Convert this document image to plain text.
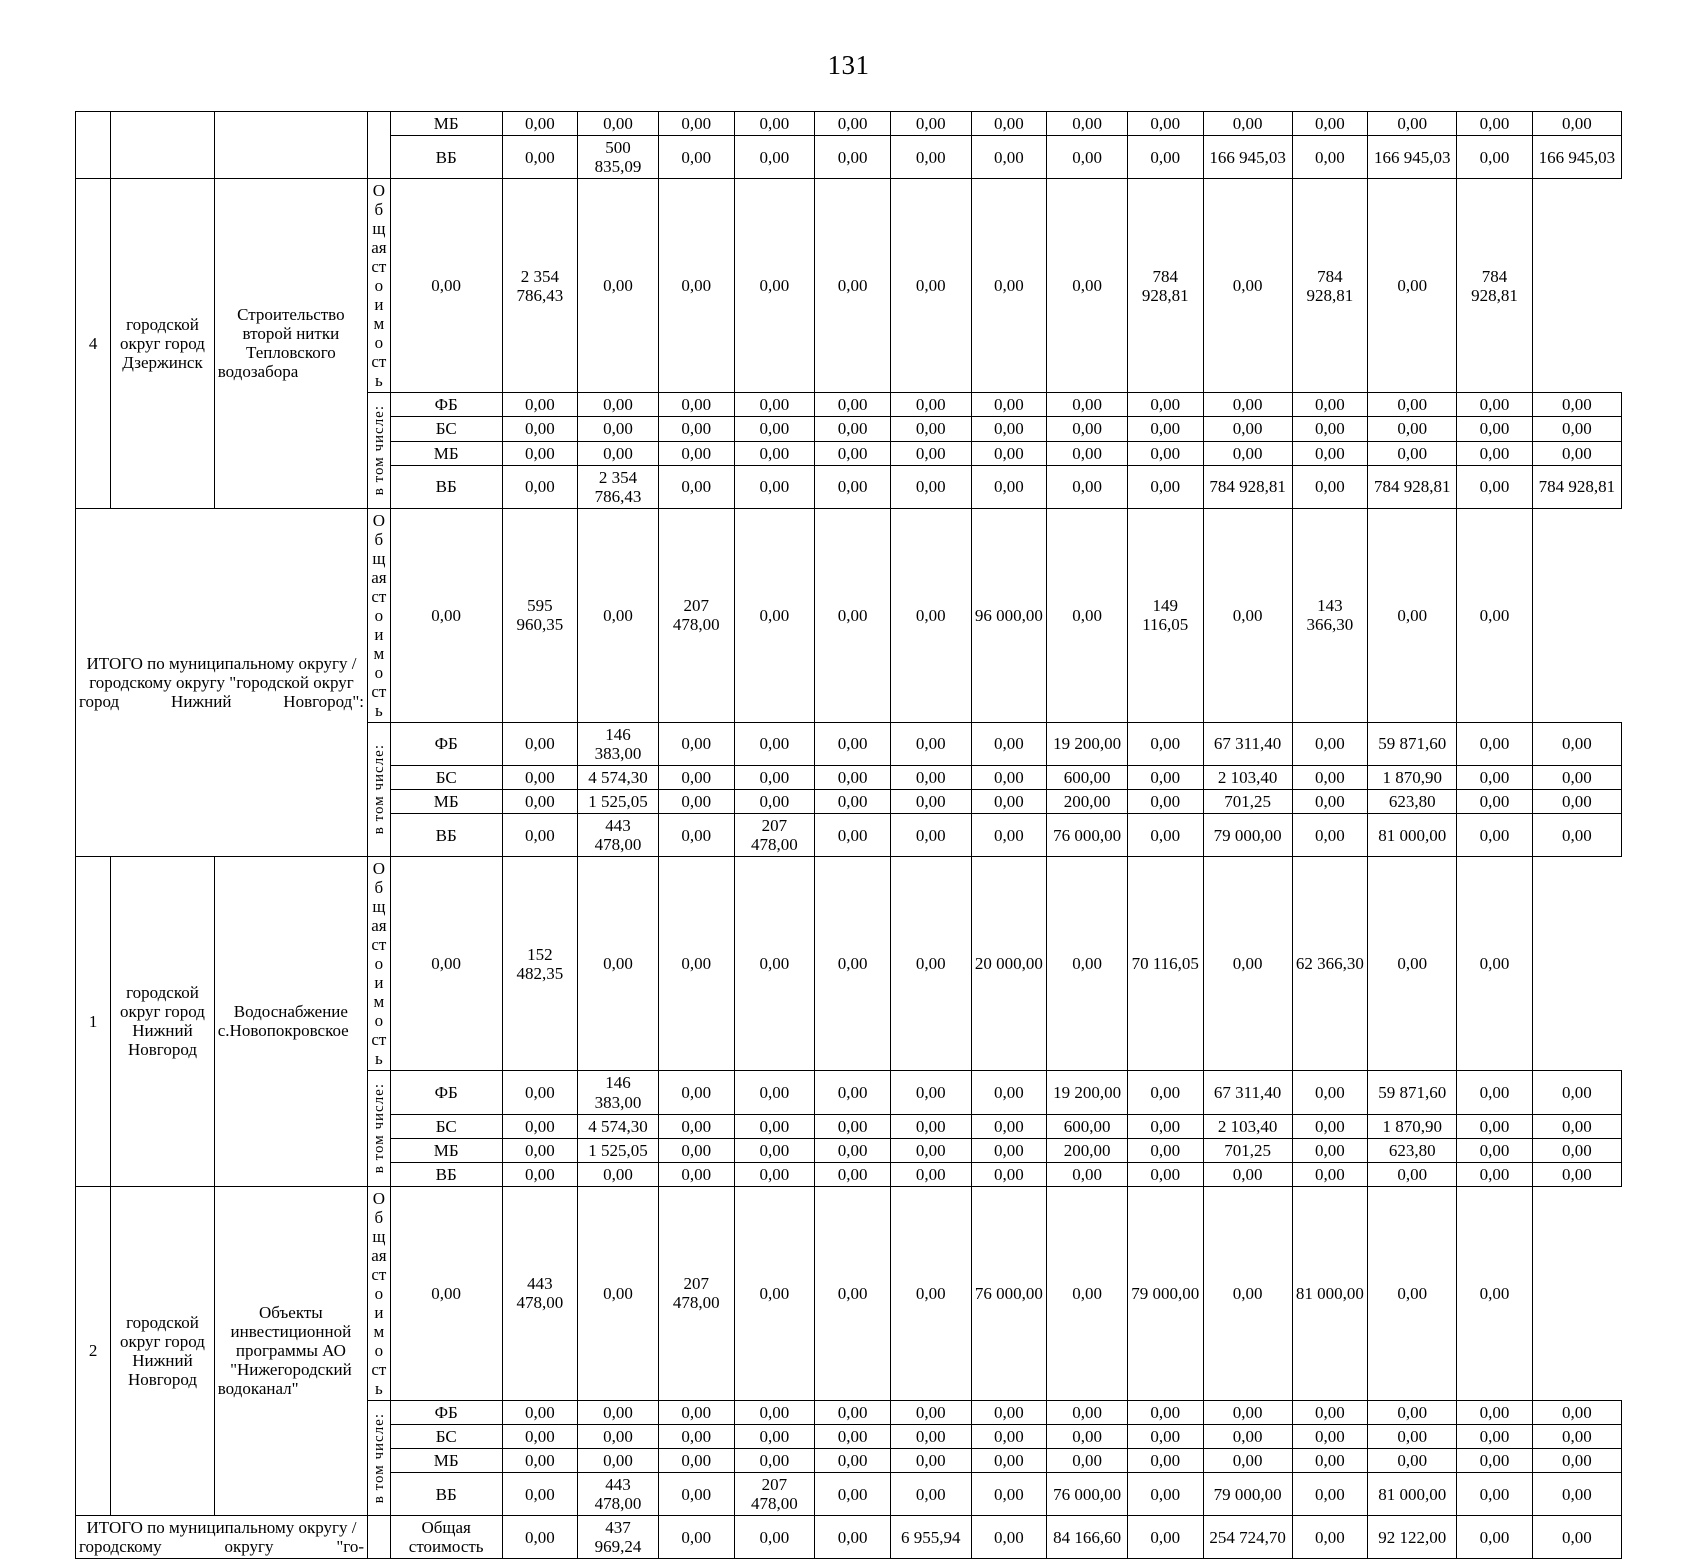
131
				МБ	0,00	0,00	0,00	0,00	0,00	0,00	0,00	0,00	0,00	0,00	0,00	0,00	0,00	0,00
				ВБ	0,00	500 835,09	0,00	0,00	0,00	0,00	0,00	0,00	0,00	166 945,03	0,00	166 945,03	0,00	166 945,03
4	городской округ город Дзержинск	Строительство второй нитки Тепловского водозабора	Общая стоимость	0,00	2 354 786,43	0,00	0,00	0,00	0,00	0,00	0,00	0,00	784 928,81	0,00	784 928,81	0,00	784 928,81	

			в том числе:	ФБ	0,00	0,00	0,00	0,00	0,00	0,00	0,00	0,00	0,00	0,00	0,00	0,00	0,00	0,00
				БС	0,00	0,00	0,00	0,00	0,00	0,00	0,00	0,00	0,00	0,00	0,00	0,00	0,00	0,00
				МБ	0,00	0,00	0,00	0,00	0,00	0,00	0,00	0,00	0,00	0,00	0,00	0,00	0,00	0,00
				ВБ	0,00	2 354 786,43	0,00	0,00	0,00	0,00	0,00	0,00	0,00	784 928,81	0,00	784 928,81	0,00	784 928,81
ИТОГО по муниципальному округу / городскому округу "городской округ город Нижний Новгород":			Общая стоимость	0,00	595 960,35	0,00	207 478,00	0,00	0,00	0,00	96 000,00	0,00	149 116,05	0,00	143 366,30	0,00	0,00	

			в том числе:	ФБ	0,00	146 383,00	0,00	0,00	0,00	0,00	0,00	19 200,00	0,00	67 311,40	0,00	59 871,60	0,00	0,00
				БС	0,00	4 574,30	0,00	0,00	0,00	0,00	0,00	600,00	0,00	2 103,40	0,00	1 870,90	0,00	0,00
				МБ	0,00	1 525,05	0,00	0,00	0,00	0,00	0,00	200,00	0,00	701,25	0,00	623,80	0,00	0,00
				ВБ	0,00	443 478,00	0,00	207 478,00	0,00	0,00	0,00	76 000,00	0,00	79 000,00	0,00	81 000,00	0,00	0,00
1	городской округ город Нижний Новгород	Водоснабжение с.Новопокровское	Общая стоимость	0,00	152 482,35	0,00	0,00	0,00	0,00	0,00	20 000,00	0,00	70 116,05	0,00	62 366,30	0,00	0,00	

			в том числе:	ФБ	0,00	146 383,00	0,00	0,00	0,00	0,00	0,00	19 200,00	0,00	67 311,40	0,00	59 871,60	0,00	0,00
				БС	0,00	4 574,30	0,00	0,00	0,00	0,00	0,00	600,00	0,00	2 103,40	0,00	1 870,90	0,00	0,00
				МБ	0,00	1 525,05	0,00	0,00	0,00	0,00	0,00	200,00	0,00	701,25	0,00	623,80	0,00	0,00
				ВБ	0,00	0,00	0,00	0,00	0,00	0,00	0,00	0,00	0,00	0,00	0,00	0,00	0,00	0,00
2	городской округ город Нижний Новгород	Объекты инвестиционной программы АО "Нижегородский водоканал"	Общая стоимость	0,00	443 478,00	0,00	207 478,00	0,00	0,00	0,00	76 000,00	0,00	79 000,00	0,00	81 000,00	0,00	0,00	

			в том числе:	ФБ	0,00	0,00	0,00	0,00	0,00	0,00	0,00	0,00	0,00	0,00	0,00	0,00	0,00	0,00
				БС	0,00	0,00	0,00	0,00	0,00	0,00	0,00	0,00	0,00	0,00	0,00	0,00	0,00	0,00
				МБ	0,00	0,00	0,00	0,00	0,00	0,00	0,00	0,00	0,00	0,00	0,00	0,00	0,00	0,00
				ВБ	0,00	443 478,00	0,00	207 478,00	0,00	0,00	0,00	76 000,00	0,00	79 000,00	0,00	81 000,00	0,00	0,00
ИТОГО по муниципальному округу / городскому округу "го-				Общая стоимость	0,00	437 969,24	0,00	0,00	0,00	6 955,94	0,00	84 166,60	0,00	254 724,70	0,00	92 122,00	0,00	0,00
